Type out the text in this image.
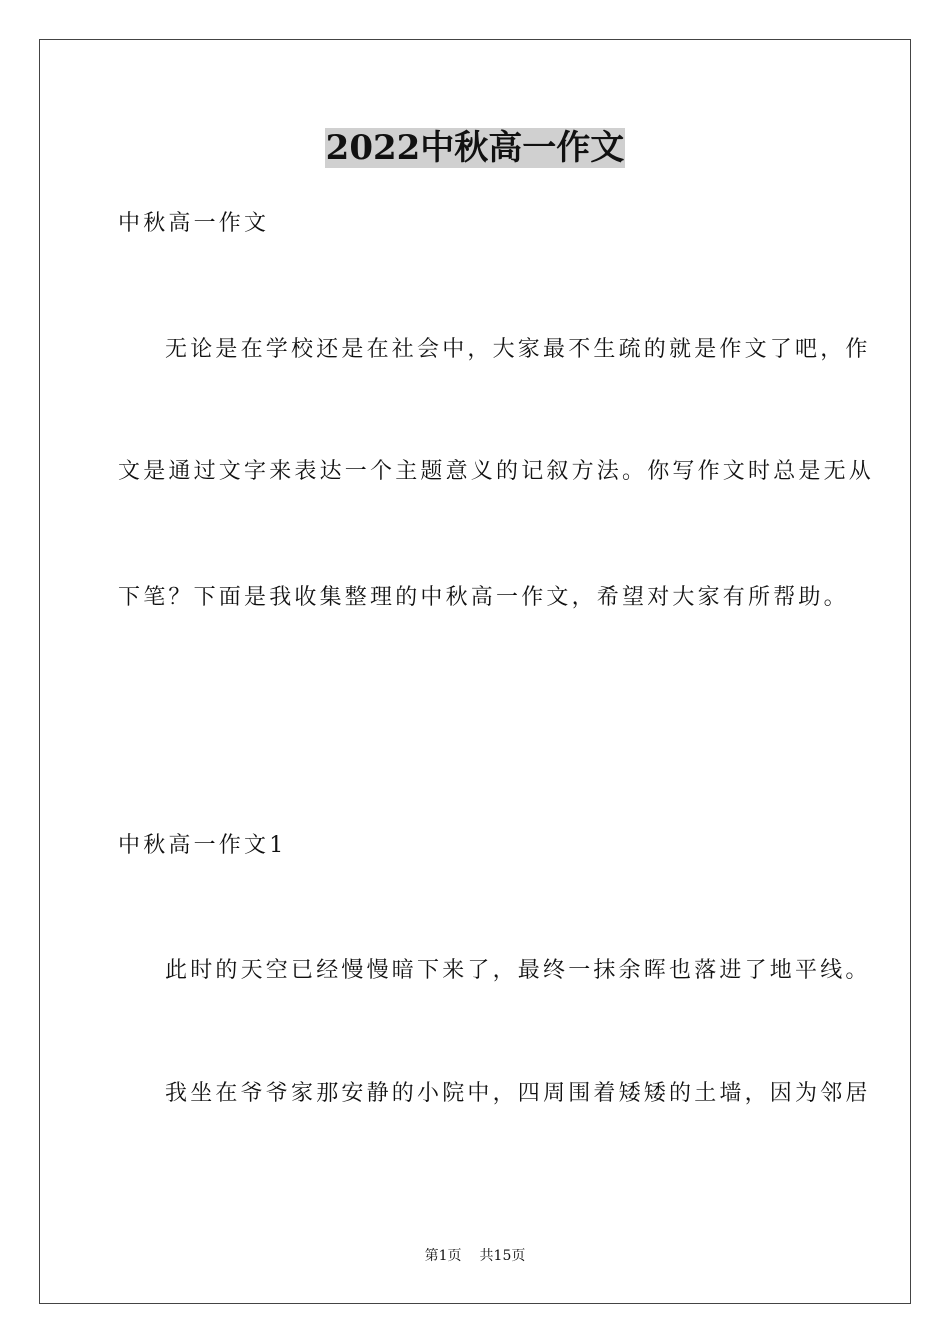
2022中秋高一作文
中秋高一作文
无论是在学校还是在社会中，大家最不生疏的就是作文了吧，作
文是通过文字来表达一个主题意义的记叙方法。你写作文时总是无从
下笔？下面是我收集整理的中秋高一作文，希望对大家有所帮助。
中秋高一作文1
此时的天空已经慢慢暗下来了，最终一抹余晖也落进了地平线。
我坐在爷爷家那安静的小院中，四周围着矮矮的土墙，因为邻居
第1页 共15页
